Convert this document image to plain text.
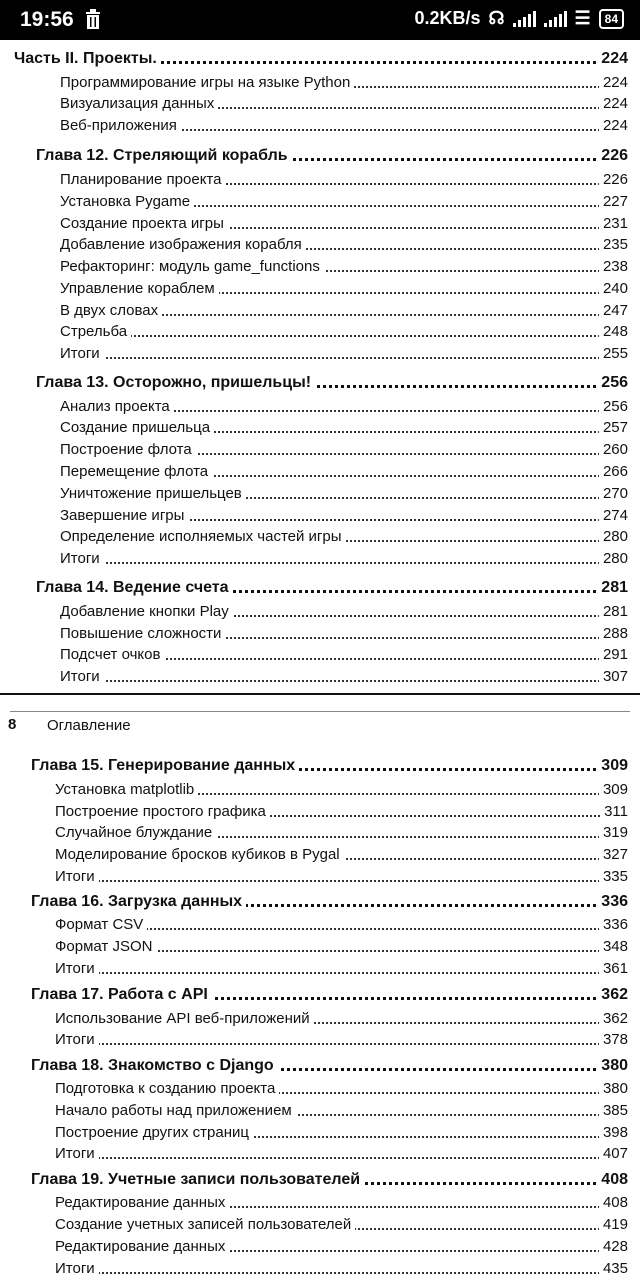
19:56	0.2KB/s ☊	☰	84
Часть II. Проекты.	224
Программирование игры на языке Python	224
Визуализация данных	224
Веб-приложения	224
Глава 12. Стреляющий корабль	226
Планирование проекта	226
Установка Pygame	227
Создание проекта игры	231
Добавление изображения корабля	235
Рефакторинг: модуль game_functions	238
Управление кораблем	240
В двух словах	247
Стрельба	248
Итоги	255
Глава 13. Осторожно, пришельцы!	256
Анализ проекта	256
Создание пришельца	257
Построение флота	260
Перемещение флота	266
Уничтожение пришельцев	270
Завершение игры	274
Определение исполняемых частей игры	280
Итоги	280
Глава 14. Ведение счета	281
Добавление кнопки Play	281
Повышение сложности	288
Подсчет очков	291
Итоги	307
8 Оглавление
Глава 15. Генерирование данных	309
Установка matplotlib	309
Построение простого графика	311
Случайное блуждание	319
Моделирование бросков кубиков в Pygal	327
Итоги	335
Глава 16. Загрузка данных	336
Формат CSV	336
Формат JSON	348
Итоги	361
Глава 17. Работа с API	362
Использование API веб-приложений	362
Итоги	378
Глава 18. Знакомство с Django	380
Подготовка к созданию проекта	380
Начало работы над приложением	385
Построение других страниц	398
Итоги	407
Глава 19. Учетные записи пользователей	408
Редактирование данных	408
Создание учетных записей пользователей	419
Редактирование данных	428
Итоги	435
